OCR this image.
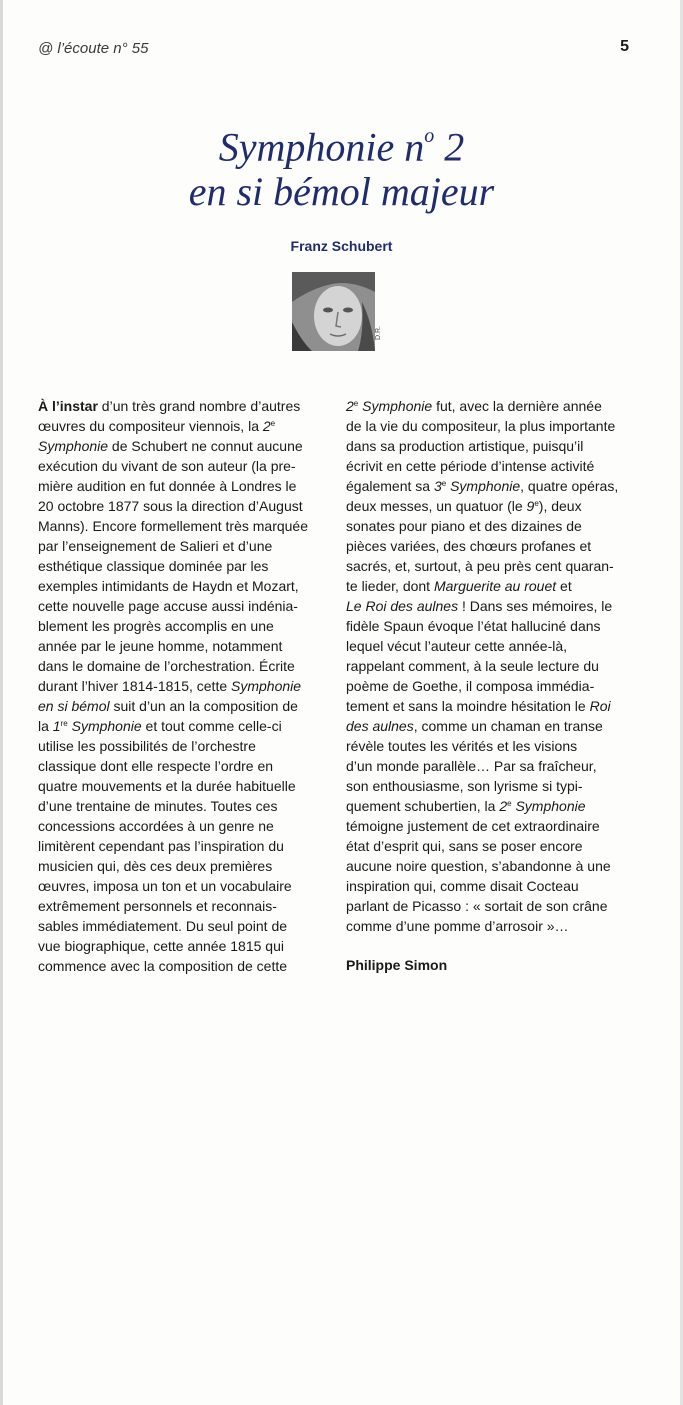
@ l’écoute n° 55	5
Symphonie $n^o$ 2
en si bémol majeur
Franz Schubert
D.R.

À l’instar d’un très grand nombre d’autres

œuvres du compositeur viennois, la 2e

Symphonie de Schubert ne connut aucune

exécution du vivant de son auteur (la pre-

mière audition en fut donnée à Londres le

20 octobre 1877 sous la direction d’August

Manns). Encore formellement très marquée

par l’enseignement de Salieri et d’une

esthétique classique dominée par les

exemples intimidants de Haydn et Mozart,

cette nouvelle page accuse aussi indénia-

blement les progrès accomplis en une

année par le jeune homme, notamment

dans le domaine de l’orchestration. Écrite

durant l’hiver 1814-1815, cette Symphonie

en si bémol suit d’un an la composition de

la 1re Symphonie et tout comme celle-ci

utilise les possibilités de l’orchestre

classique dont elle respecte l’ordre en

quatre mouvements et la durée habituelle

d’une trentaine de minutes. Toutes ces

concessions accordées à un genre ne

limitèrent cependant pas l’inspiration du

musicien qui, dès ces deux premières

œuvres, imposa un ton et un vocabulaire

extrêmement personnels et reconnais-

sables immédiatement. Du seul point de

vue biographique, cette année 1815 qui

commence avec la composition de cette

2e Symphonie fut, avec la dernière année

de la vie du compositeur, la plus importante

dans sa production artistique, puisqu’il

écrivit en cette période d’intense activité

également sa 3e Symphonie, quatre opéras,

deux messes, un quatuor (le 9e), deux

sonates pour piano et des dizaines de

pièces variées, des chœurs profanes et

sacrés, et, surtout, à peu près cent quaran-

te lieder, dont Marguerite au rouet et

Le Roi des aulnes ! Dans ses mémoires, le

fidèle Spaun évoque l’état halluciné dans

lequel vécut l’auteur cette année-là,

rappelant comment, à la seule lecture du

poème de Goethe, il composa immédia-

tement et sans la moindre hésitation le Roi

des aulnes, comme un chaman en transe

révèle toutes les vérités et les visions

d’un monde parallèle… Par sa fraîcheur,

son enthousiasme, son lyrisme si typi-

quement schubertien, la 2e Symphonie

témoigne justement de cet extraordinaire

état d’esprit qui, sans se poser encore

aucune noire question, s’abandonne à une

inspiration qui, comme disait Cocteau

parlant de Picasso : « sortait de son crâne

comme d’une pomme d’arrosoir »…

Philippe Simon
